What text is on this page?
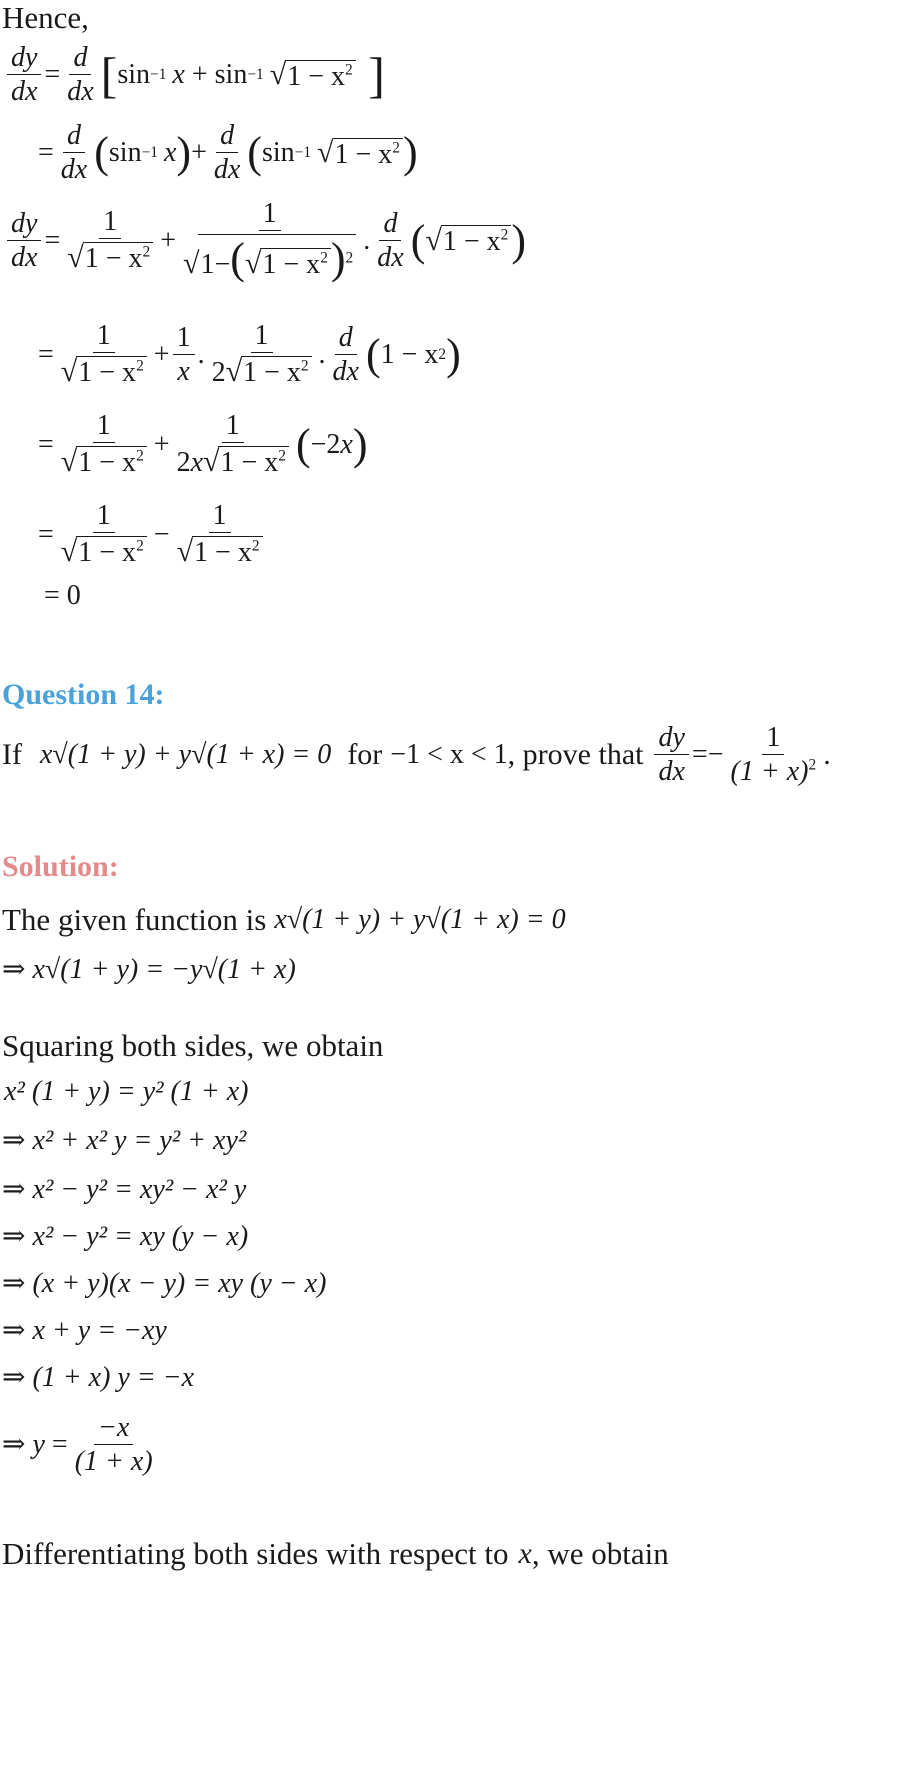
Hence,
$\frac{dy}{dx} = \frac{d}{dx}$ [ sin −1 x + sin −1 √ $1 - x^2$ ]
= $\frac{d}{dx}$ ( sin −1 x ) + $\frac{d}{dx}$ ( sin −1 √ $1 - x^2$ )
$\frac{dy}{dx} = \frac{1}{√1 - x^2} + \frac{1}{√1-(√1 - x^2)^2}$ . $\frac{d}{dx}$ ( √ $1 - x^2$ )
= $\frac{1}{√1 - x^2} + \frac{1}{x}$ . $\frac{1}{2√1 - x^2}$ . $\frac{d}{dx}$ ( 1 − x 2 )
= $\frac{1}{√1 - x^2} + \frac{1}{2x√1 - x^2}$ ( −2 x )
= $\frac{1}{√1 - x^2} - \frac{1}{√1 - x^2}$
= 0
Question 14:
If x√(1 + y) + y√(1 + x) = 0 for −1 < x < 1 , prove that $\frac{dy}{dx} =- \frac{1}{(1 + x)^2}$ .
Solution:
The given function is x√(1 + y) + y√(1 + x) = 0
⇒ x√(1 + y) = −y√(1 + x)
Squaring both sides, we obtain
x² (1 + y) = y² (1 + x)
⇒ x² + x² y = y² + xy²
⇒ x² − y² = xy² − x² y
⇒ x² − y² = xy (y − x)
⇒ (x + y)(x − y) = xy (y − x)
⇒ x + y = −xy
⇒ (1 + x) y = −x
⇒ $y = \frac{-x}{(1 + x)}$
Differentiating both sides with respect to x , we obtain
